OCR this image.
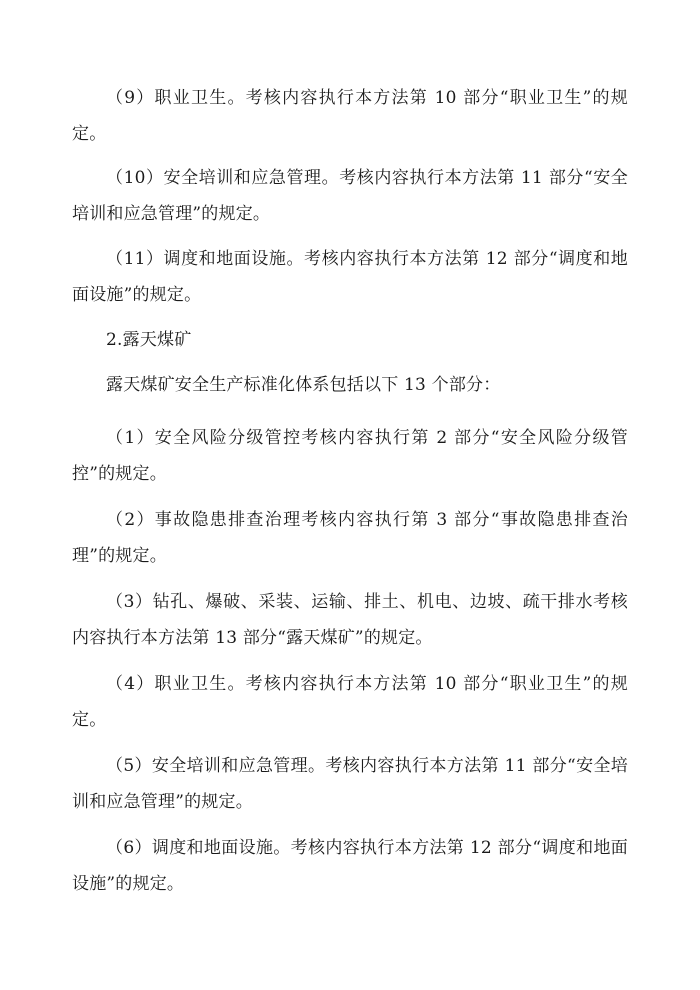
（9）职业卫生。考核内容执行本方法第 10 部分“职业卫生”的规定。

（10）安全培训和应急管理。考核内容执行本方法第 11 部分“安全培训和应急管理”的规定。

（11）调度和地面设施。考核内容执行本方法第 12 部分“调度和地面设施”的规定。

2.露天煤矿

露天煤矿安全生产标准化体系包括以下 13 个部分：

（1）安全风险分级管控考核内容执行第 2 部分“安全风险分级管控”的规定。

（2）事故隐患排查治理考核内容执行第 3 部分“事故隐患排查治理”的规定。

（3）钻孔、爆破、采装、运输、排土、机电、边坡、疏干排水考核内容执行本方法第 13 部分“露天煤矿”的规定。

（4）职业卫生。考核内容执行本方法第 10 部分“职业卫生”的规定。

（5）安全培训和应急管理。考核内容执行本方法第 11 部分“安全培训和应急管理”的规定。

（6）调度和地面设施。考核内容执行本方法第 12 部分“调度和地面设施”的规定。
